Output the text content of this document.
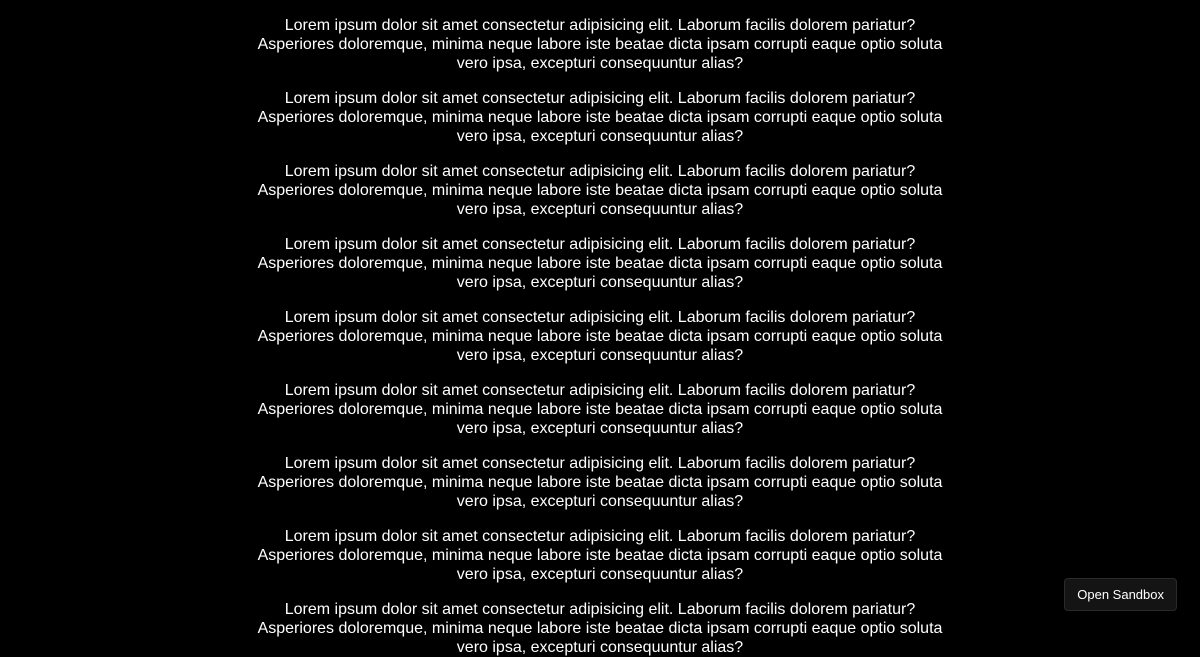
Lorem ipsum dolor sit amet consectetur adipisicing elit. Laborum facilis dolorem pariatur? Asperiores doloremque, minima neque labore iste beatae dicta ipsam corrupti eaque optio soluta vero ipsa, excepturi consequuntur alias?

Lorem ipsum dolor sit amet consectetur adipisicing elit. Laborum facilis dolorem pariatur? Asperiores doloremque, minima neque labore iste beatae dicta ipsam corrupti eaque optio soluta vero ipsa, excepturi consequuntur alias?

Lorem ipsum dolor sit amet consectetur adipisicing elit. Laborum facilis dolorem pariatur? Asperiores doloremque, minima neque labore iste beatae dicta ipsam corrupti eaque optio soluta vero ipsa, excepturi consequuntur alias?

Lorem ipsum dolor sit amet consectetur adipisicing elit. Laborum facilis dolorem pariatur? Asperiores doloremque, minima neque labore iste beatae dicta ipsam corrupti eaque optio soluta vero ipsa, excepturi consequuntur alias?

Lorem ipsum dolor sit amet consectetur adipisicing elit. Laborum facilis dolorem pariatur? Asperiores doloremque, minima neque labore iste beatae dicta ipsam corrupti eaque optio soluta vero ipsa, excepturi consequuntur alias?

Lorem ipsum dolor sit amet consectetur adipisicing elit. Laborum facilis dolorem pariatur? Asperiores doloremque, minima neque labore iste beatae dicta ipsam corrupti eaque optio soluta vero ipsa, excepturi consequuntur alias?

Lorem ipsum dolor sit amet consectetur adipisicing elit. Laborum facilis dolorem pariatur? Asperiores doloremque, minima neque labore iste beatae dicta ipsam corrupti eaque optio soluta vero ipsa, excepturi consequuntur alias?

Lorem ipsum dolor sit amet consectetur adipisicing elit. Laborum facilis dolorem pariatur? Asperiores doloremque, minima neque labore iste beatae dicta ipsam corrupti eaque optio soluta vero ipsa, excepturi consequuntur alias?

Lorem ipsum dolor sit amet consectetur adipisicing elit. Laborum facilis dolorem pariatur? Asperiores doloremque, minima neque labore iste beatae dicta ipsam corrupti eaque optio soluta vero ipsa, excepturi consequuntur alias?

Open Sandbox
